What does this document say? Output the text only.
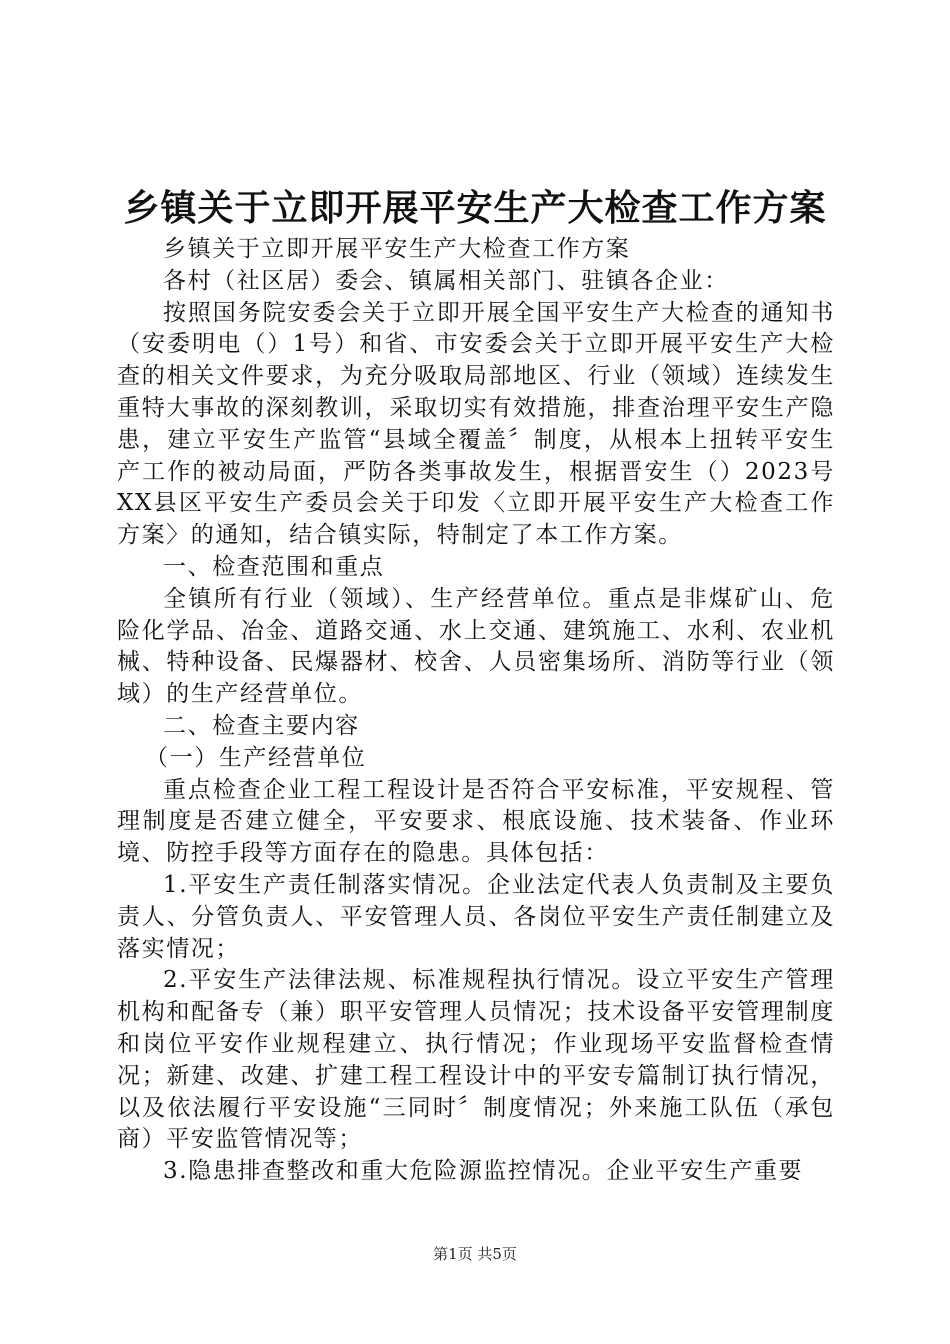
乡镇关于立即开展平安生产大检查工作方案

乡镇关于立即开展平安生产大检查工作方案

各村（社区居）委会、镇属相关部门、驻镇各企业：

按照国务院安委会关于立即开展全国平安生产大检查的通知书（安委明电（）1号）和省、市安委会关于立即开展平安生产大检查的相关文件要求，为充分吸取局部地区、行业（领域）连续发生重特大事故的深刻教训，采取切实有效措施，排查治理平安生产隐患，建立平安生产监管“县域全覆盖〞制度，从根本上扭转平安生产工作的被动局面，严防各类事故发生，根据晋安生（）2023号XX县区平安生产委员会关于印发〈立即开展平安生产大检查工作方案〉的通知，结合镇实际，特制定了本工作方案。

一、检查范围和重点

全镇所有行业（领域）、生产经营单位。重点是非煤矿山、危险化学品、冶金、道路交通、水上交通、建筑施工、水利、农业机械、特种设备、民爆器材、校舍、人员密集场所、消防等行业（领域）的生产经营单位。

二、检查主要内容

（一）生产经营单位

重点检查企业工程工程设计是否符合平安标准，平安规程、管理制度是否建立健全，平安要求、根底设施、技术装备、作业环境、防控手段等方面存在的隐患。具体包括：

1.平安生产责任制落实情况。企业法定代表人负责制及主要负责人、分管负责人、平安管理人员、各岗位平安生产责任制建立及落实情况；

2.平安生产法律法规、标准规程执行情况。设立平安生产管理机构和配备专（兼）职平安管理人员情况；技术设备平安管理制度和岗位平安作业规程建立、执行情况；作业现场平安监督检查情况；新建、改建、扩建工程工程设计中的平安专篇制订执行情况，以及依法履行平安设施“三同时〞制度情况；外来施工队伍（承包商）平安监管情况等；

3.隐患排查整改和重大危险源监控情况。企业平安生产重要

第1页 共5页
